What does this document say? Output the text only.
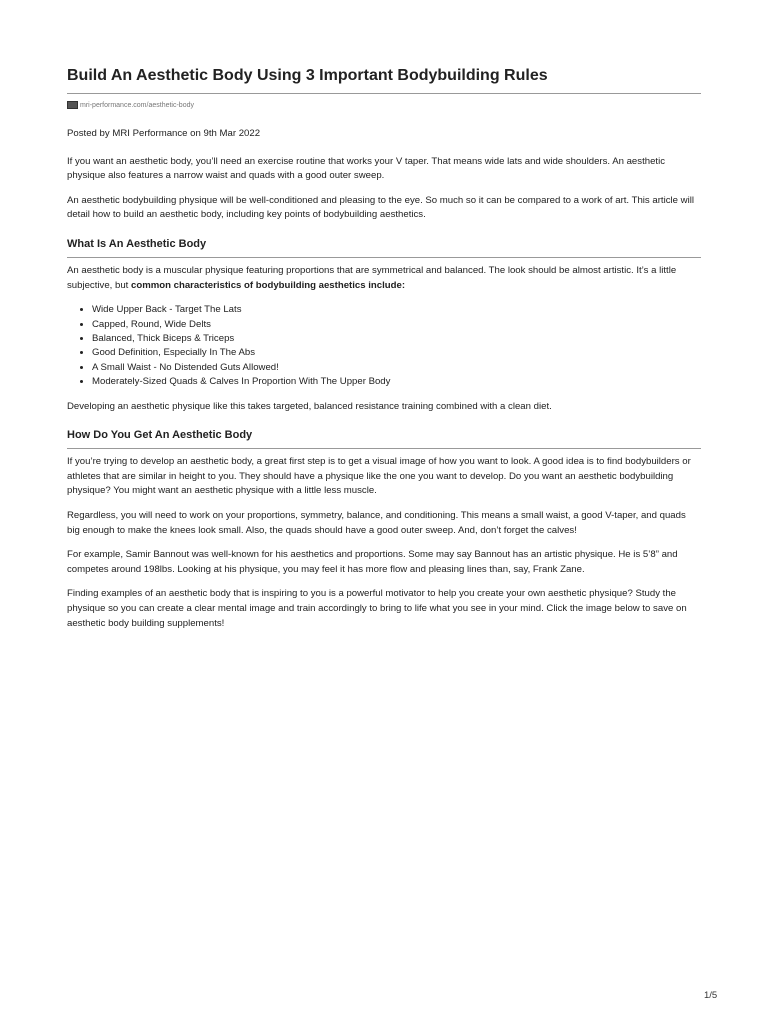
Build An Aesthetic Body Using 3 Important Bodybuilding Rules
mri-performance.com/aesthetic-body

Posted by MRI Performance on 9th Mar 2022

If you want an aesthetic body, you’ll need an exercise routine that works your V taper. That means wide lats and wide shoulders. An aesthetic physique also features a narrow waist and quads with a good outer sweep.

An aesthetic bodybuilding physique will be well-conditioned and pleasing to the eye. So much so it can be compared to a work of art. This article will detail how to build an aesthetic body, including key points of bodybuilding aesthetics.

What Is An Aesthetic Body

An aesthetic body is a muscular physique featuring proportions that are symmetrical and balanced. The look should be almost artistic. It’s a little subjective, but common characteristics of bodybuilding aesthetics include:

• Wide Upper Back - Target The Lats
• Capped, Round, Wide Delts
• Balanced, Thick Biceps & Triceps
• Good Definition, Especially In The Abs
• A Small Waist - No Distended Guts Allowed!
• Moderately-Sized Quads & Calves In Proportion With The Upper Body

Developing an aesthetic physique like this takes targeted, balanced resistance training combined with a clean diet.

How Do You Get An Aesthetic Body

If you’re trying to develop an aesthetic body, a great first step is to get a visual image of how you want to look. A good idea is to find bodybuilders or athletes that are similar in height to you. They should have a physique like the one you want to develop. Do you want an aesthetic bodybuilding physique? You might want an aesthetic physique with a little less muscle.

Regardless, you will need to work on your proportions, symmetry, balance, and conditioning. This means a small waist, a good V-taper, and quads big enough to make the knees look small. Also, the quads should have a good outer sweep. And, don’t forget the calves!

For example, Samir Bannout was well-known for his aesthetics and proportions. Some may say Bannout has an artistic physique. He is 5’8” and competes around 198lbs. Looking at his physique, you may feel it has more flow and pleasing lines than, say, Frank Zane.

Finding examples of an aesthetic body that is inspiring to you is a powerful motivator to help you create your own aesthetic physique? Study the physique so you can create a clear mental image and train accordingly to bring to life what you see in your mind. Click the image below to save on aesthetic body building supplements!

1/5
